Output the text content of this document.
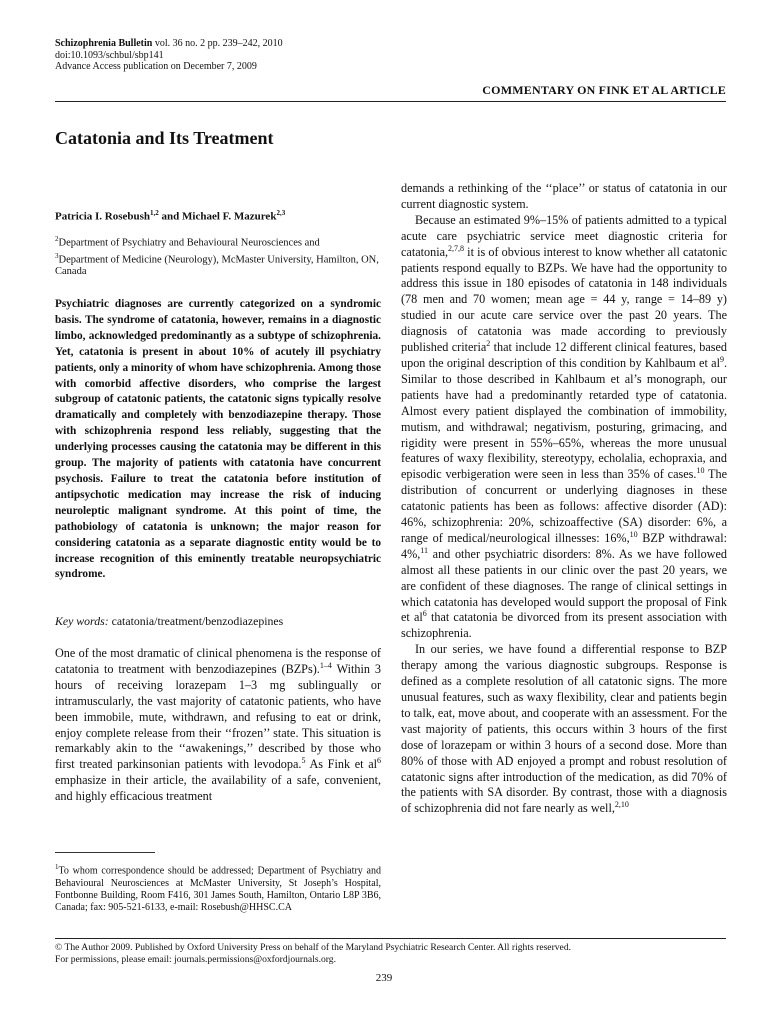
Schizophrenia Bulletin vol. 36 no. 2 pp. 239–242, 2010
doi:10.1093/schbul/sbp141
Advance Access publication on December 7, 2009
COMMENTARY ON FINK ET AL ARTICLE
Catatonia and Its Treatment
Patricia I. Rosebush$^{1,2}$ and Michael F. Mazurek$^{2,3}$
$^2$Department of Psychiatry and Behavioural Neurosciences and
$^3$Department of Medicine (Neurology), McMaster University, Hamilton, ON, Canada
Psychiatric diagnoses are currently categorized on a syndromic basis. The syndrome of catatonia, however, remains in a diagnostic limbo, acknowledged predominantly as a subtype of schizophrenia. Yet, catatonia is present in about 10% of acutely ill psychiatry patients, only a minority of whom have schizophrenia. Among those with comorbid affective disorders, who comprise the largest subgroup of catatonic patients, the catatonic signs typically resolve dramatically and completely with benzodiazepine therapy. Those with schizophrenia respond less reliably, suggesting that the underlying processes causing the catatonia may be different in this group. The majority of patients with catatonia have concurrent psychosis. Failure to treat the catatonia before institution of antipsychotic medication may increase the risk of inducing neuroleptic malignant syndrome. At this point of time, the pathobiology of catatonia is unknown; the major reason for considering catatonia as a separate diagnostic entity would be to increase recognition of this eminently treatable neuropsychiatric syndrome.
Key words: catatonia/treatment/benzodiazepines

One of the most dramatic of clinical phenomena is the response of catatonia to treatment with benzodiazepines (BZPs).$^{1-4}$ Within 3 hours of receiving lorazepam 1–3 mg sublingually or intramuscularly, the vast majority of catatonic patients, who have been immobile, mute, withdrawn, and refusing to eat or drink, enjoy complete release from their ‘‘frozen’’ state. This situation is remarkably akin to the ‘‘awakenings,’’ described by those who first treated parkinsonian patients with levodopa.$^5$ As Fink et $al^6$ emphasize in their article, the availability of a safe, convenient, and highly efficacious treatment

$^1$To whom correspondence should be addressed; Department of Psychiatry and Behavioural Neurosciences at McMaster University, St Joseph’s Hospital, Fontbonne Building, Room F416, 301 James South, Hamilton, Ontario L8P 3B6, Canada; fax: 905-521-6133, e-mail: Rosebush@HHSC.CA

demands a rethinking of the ‘‘place’’ or status of catatonia in our current diagnostic system.

Because an estimated 9%–15% of patients admitted to a typical acute care psychiatric service meet diagnostic criteria for catatonia,$^{2,7,8}$ it is of obvious interest to know whether all catatonic patients respond equally to BZPs. We have had the opportunity to address this issue in 180 episodes of catatonia in 148 individuals (78 men and 70 women; mean age = 44 y, range = 14–89 y) studied in our acute care service over the past 20 years. The diagnosis of catatonia was made according to previously published criteria$^2$ that include 12 different clinical features, based upon the original description of this condition by Kahlbaum et $al^9$. Similar to those described in Kahlbaum et al’s monograph, our patients have had a predominantly retarded type of catatonia. Almost every patient displayed the combination of immobility, mutism, and withdrawal; negativism, posturing, grimacing, and rigidity were present in 55%–65%, whereas the more unusual features of waxy flexibility, stereotypy, echolalia, echopraxia, and episodic verbigeration were seen in less than 35% of cases.$^{10}$ The distribution of concurrent or underlying diagnoses in these catatonic patients has been as follows: affective disorder (AD): 46%, schizophrenia: 20%, schizoaffective (SA) disorder: 6%, a range of medical/neurological illnesses: 16%,$^{10}$ BZP withdrawal: 4%,$^{11}$ and other psychiatric disorders: 8%. As we have followed almost all these patients in our clinic over the past 20 years, we are confident of these diagnoses. The range of clinical settings in which catatonia has developed would support the proposal of Fink et $al^6$ that catatonia be divorced from its present association with schizophrenia.

In our series, we have found a differential response to BZP therapy among the various diagnostic subgroups. Response is defined as a complete resolution of all catatonic signs. The more unusual features, such as waxy flexibility, clear and patients begin to talk, eat, move about, and cooperate with an assessment. For the vast majority of patients, this occurs within 3 hours of the first dose of lorazepam or within 3 hours of a second dose. More than 80% of those with AD enjoyed a prompt and robust resolution of catatonic signs after introduction of the medication, as did 70% of the patients with SA disorder. By contrast, those with a diagnosis of schizophrenia did not fare nearly as well,$^{2,10}$

© The Author 2009. Published by Oxford University Press on behalf of the Maryland Psychiatric Research Center. All rights reserved.
For permissions, please email: journals.permissions@oxfordjournals.org.
239
